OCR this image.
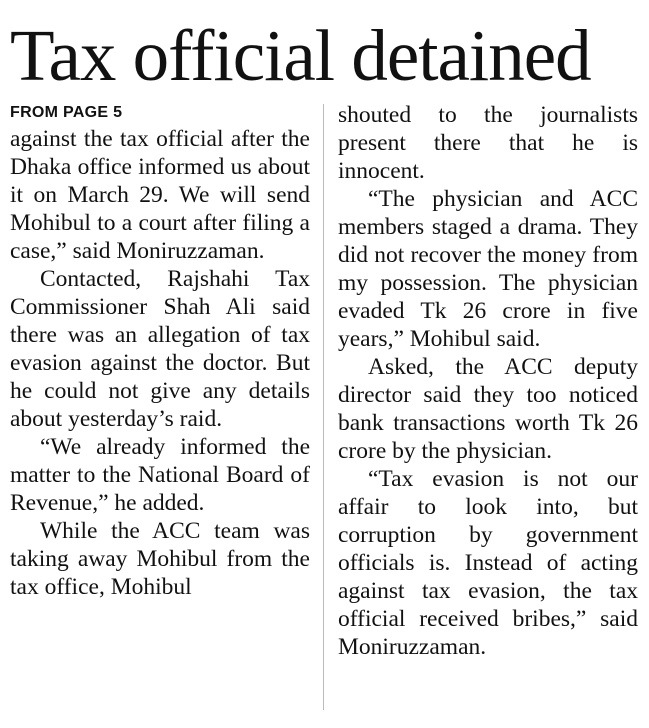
Tax official detained
FROM PAGE 5

against the tax official after the Dhaka office informed us about it on March 29. We will send Mohibul to a court after filing a case,” said Moniruzzaman.

Contacted, Rajshahi Tax Commissioner Shah Ali said there was an allegation of tax evasion against the doctor. But he could not give any details about yesterday’s raid.

“We already informed the matter to the National Board of Revenue,” he added.

While the ACC team was taking away Mohibul from the tax office, Mohibul

shouted to the journalists present there that he is innocent.

“The physician and ACC members staged a drama. They did not recover the money from my possession. The physician evaded Tk 26 crore in five years,” Mohibul said.

Asked, the ACC deputy director said they too noticed bank transactions worth Tk 26 crore by the physician.

“Tax evasion is not our affair to look into, but corruption by government officials is. Instead of acting against tax evasion, the tax official received bribes,” said Moniruzzaman.
